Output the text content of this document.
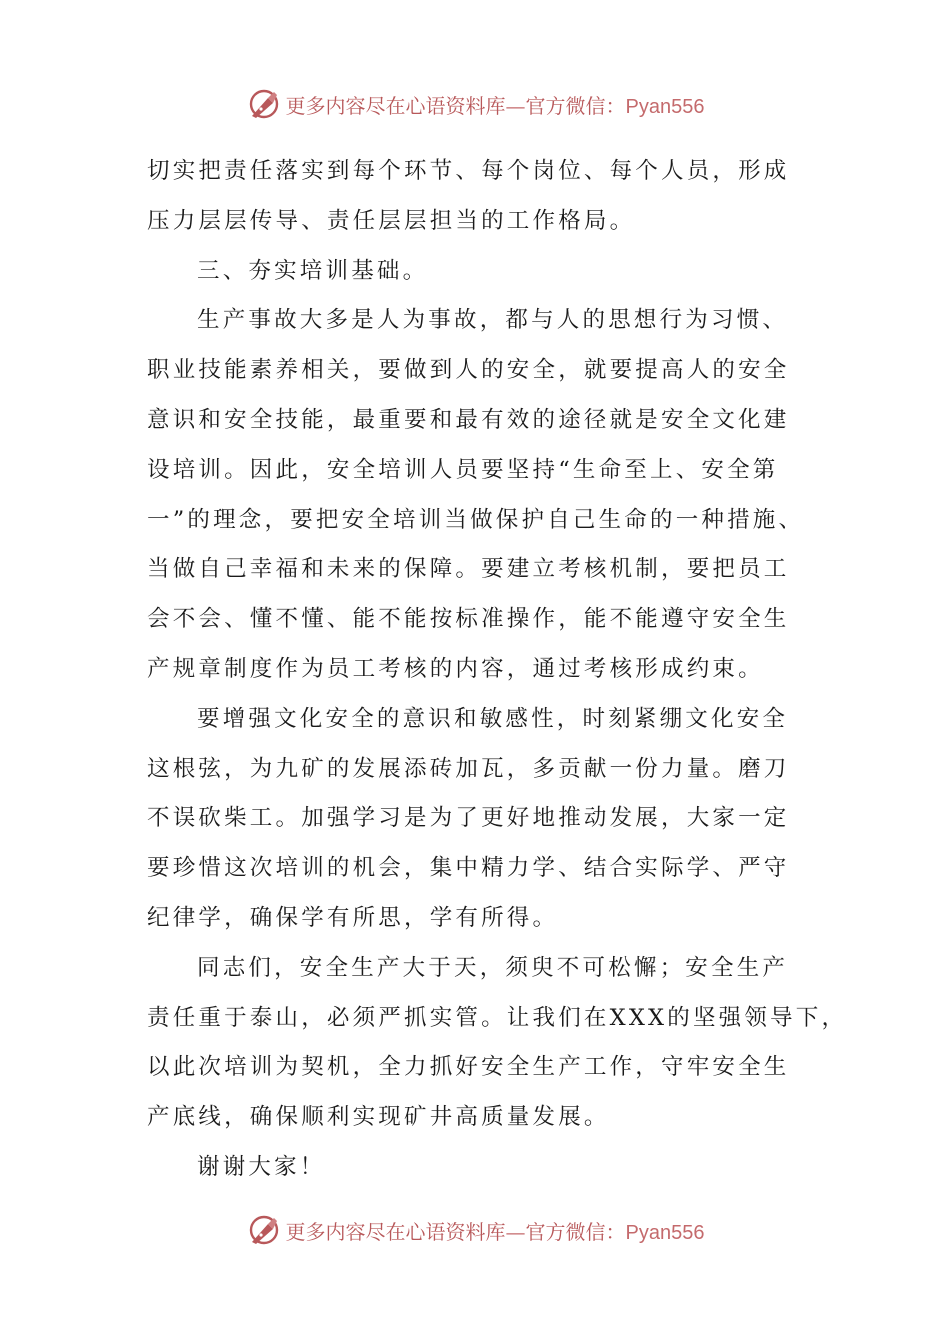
更多内容尽在心语资料库—官方微信：Pyan556
切实把责任落实到每个环节、每个岗位、每个人员，形成
压力层层传导、责任层层担当的工作格局。
三、夯实培训基础。
生产事故大多是人为事故，都与人的思想行为习惯、
职业技能素养相关，要做到人的安全，就要提高人的安全
意识和安全技能，最重要和最有效的途径就是安全文化建
设培训。因此，安全培训人员要坚持“生命至上、安全第
一”的理念，要把安全培训当做保护自己生命的一种措施、
当做自己幸福和未来的保障。要建立考核机制，要把员工
会不会、懂不懂、能不能按标准操作，能不能遵守安全生
产规章制度作为员工考核的内容，通过考核形成约束。
要增强文化安全的意识和敏感性，时刻紧绷文化安全
这根弦，为九矿的发展添砖加瓦，多贡献一份力量。磨刀
不误砍柴工。加强学习是为了更好地推动发展，大家一定
要珍惜这次培训的机会，集中精力学、结合实际学、严守
纪律学，确保学有所思，学有所得。
同志们，安全生产大于天，须臾不可松懈；安全生产
责任重于泰山，必须严抓实管。让我们在XXX的坚强领导下，
以此次培训为契机，全力抓好安全生产工作，守牢安全生
产底线，确保顺利实现矿井高质量发展。
谢谢大家！
更多内容尽在心语资料库—官方微信：Pyan556
